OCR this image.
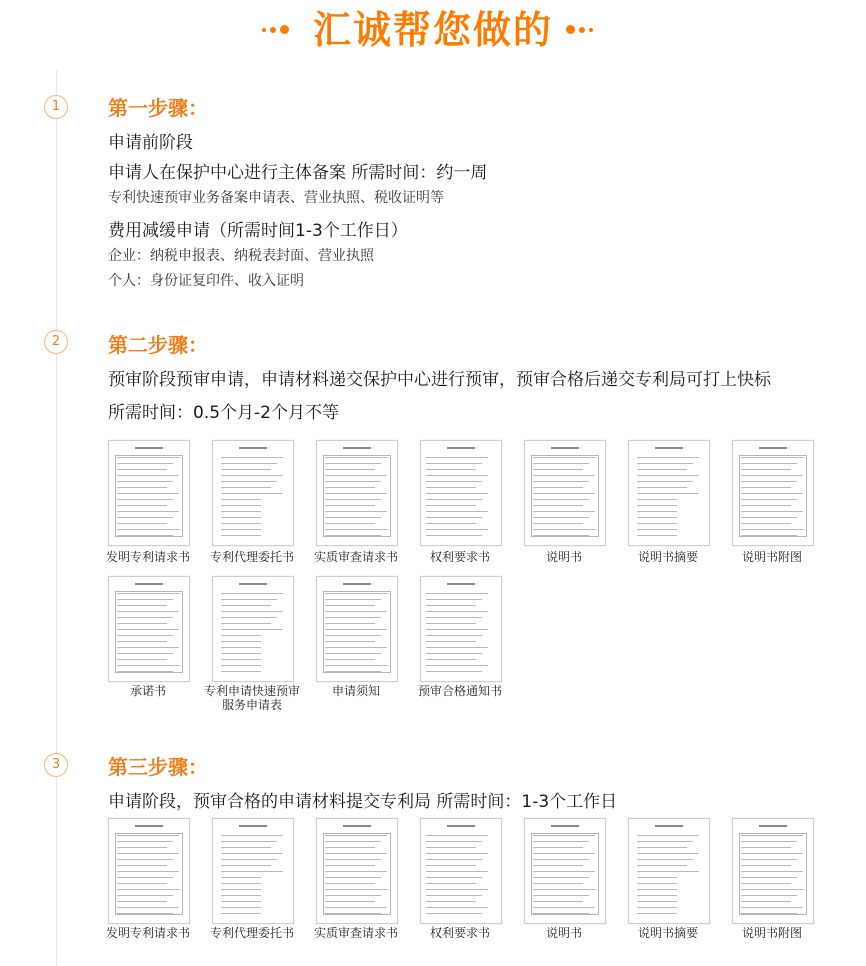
汇诚帮您做的
1	第一步骤：
申请前阶段
申请人在保护中心进行主体备案 所需时间：约一周
专利快速预审业务备案申请表、营业执照、税收证明等
费用减缓申请（所需时间1-3个工作日）
企业：纳税申报表、纳税表封面、营业执照
个人：身份证复印件、收入证明
2	第二步骤：
预审阶段预审申请，申请材料递交保护中心进行预审，预审合格后递交专利局可打上快标
所需时间：0.5个月-2个月不等
发明专利请求书	专利代理委托书	实质审查请求书	权利要求书	说明书	说明书摘要	说明书附图
承诺书	专利申请快速预审服务申请表
申请须知	预审合格通知书
3	第三步骤：
申请阶段，预审合格的申请材料提交专利局 所需时间：1-3个工作日
发明专利请求书	专利代理委托书	实质审查请求书	权利要求书	说明书	说明书摘要	说明书附图
